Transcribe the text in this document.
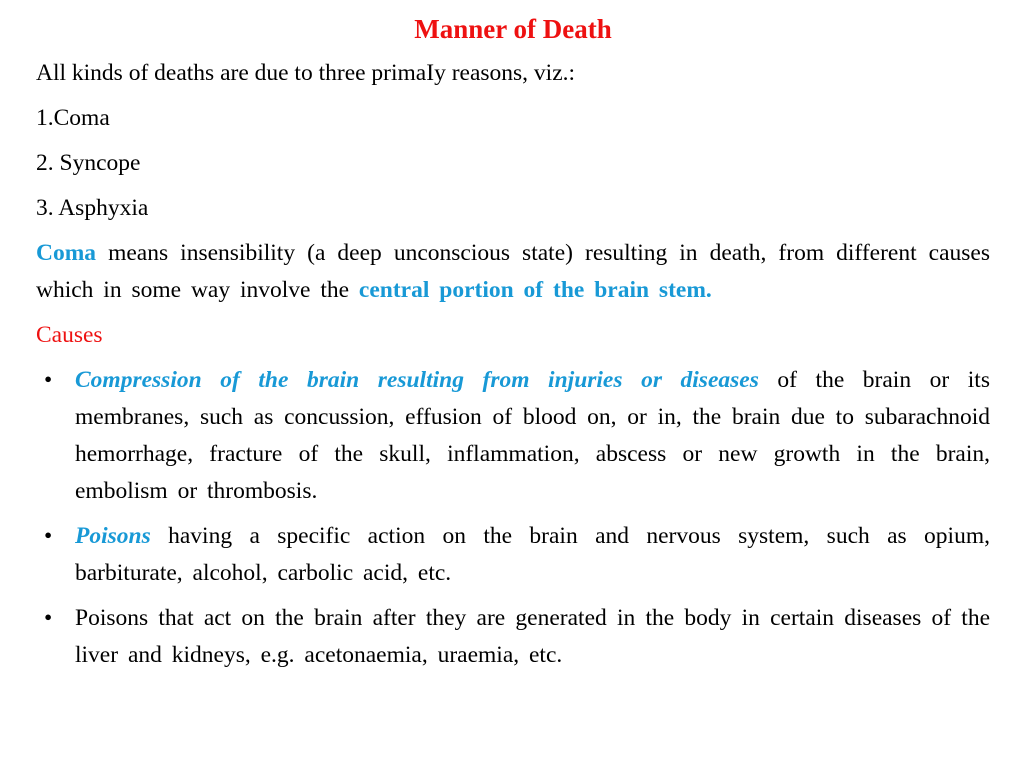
Manner of Death

All kinds of deaths are due to three primaIy reasons, viz.:

1.Coma

2. Syncope

3. Asphyxia

Coma means insensibility (a deep unconscious state) resulting in death, from different causes which in some way involve the central portion of the brain stem.

Causes

• Compression of the brain resulting from injuries or diseases of the brain or its membranes, such as concussion, effusion of blood on, or in, the brain due to subarachnoid hemorrhage, fracture of the skull, inflammation, abscess or new growth in the brain, embolism or thrombosis.
• Poisons having a specific action on the brain and nervous system, such as opium, barbiturate, alcohol, carbolic acid, etc.
• Poisons that act on the brain after they are generated in the body in certain diseases of the liver and kidneys, e.g. acetonaemia, uraemia, etc.
